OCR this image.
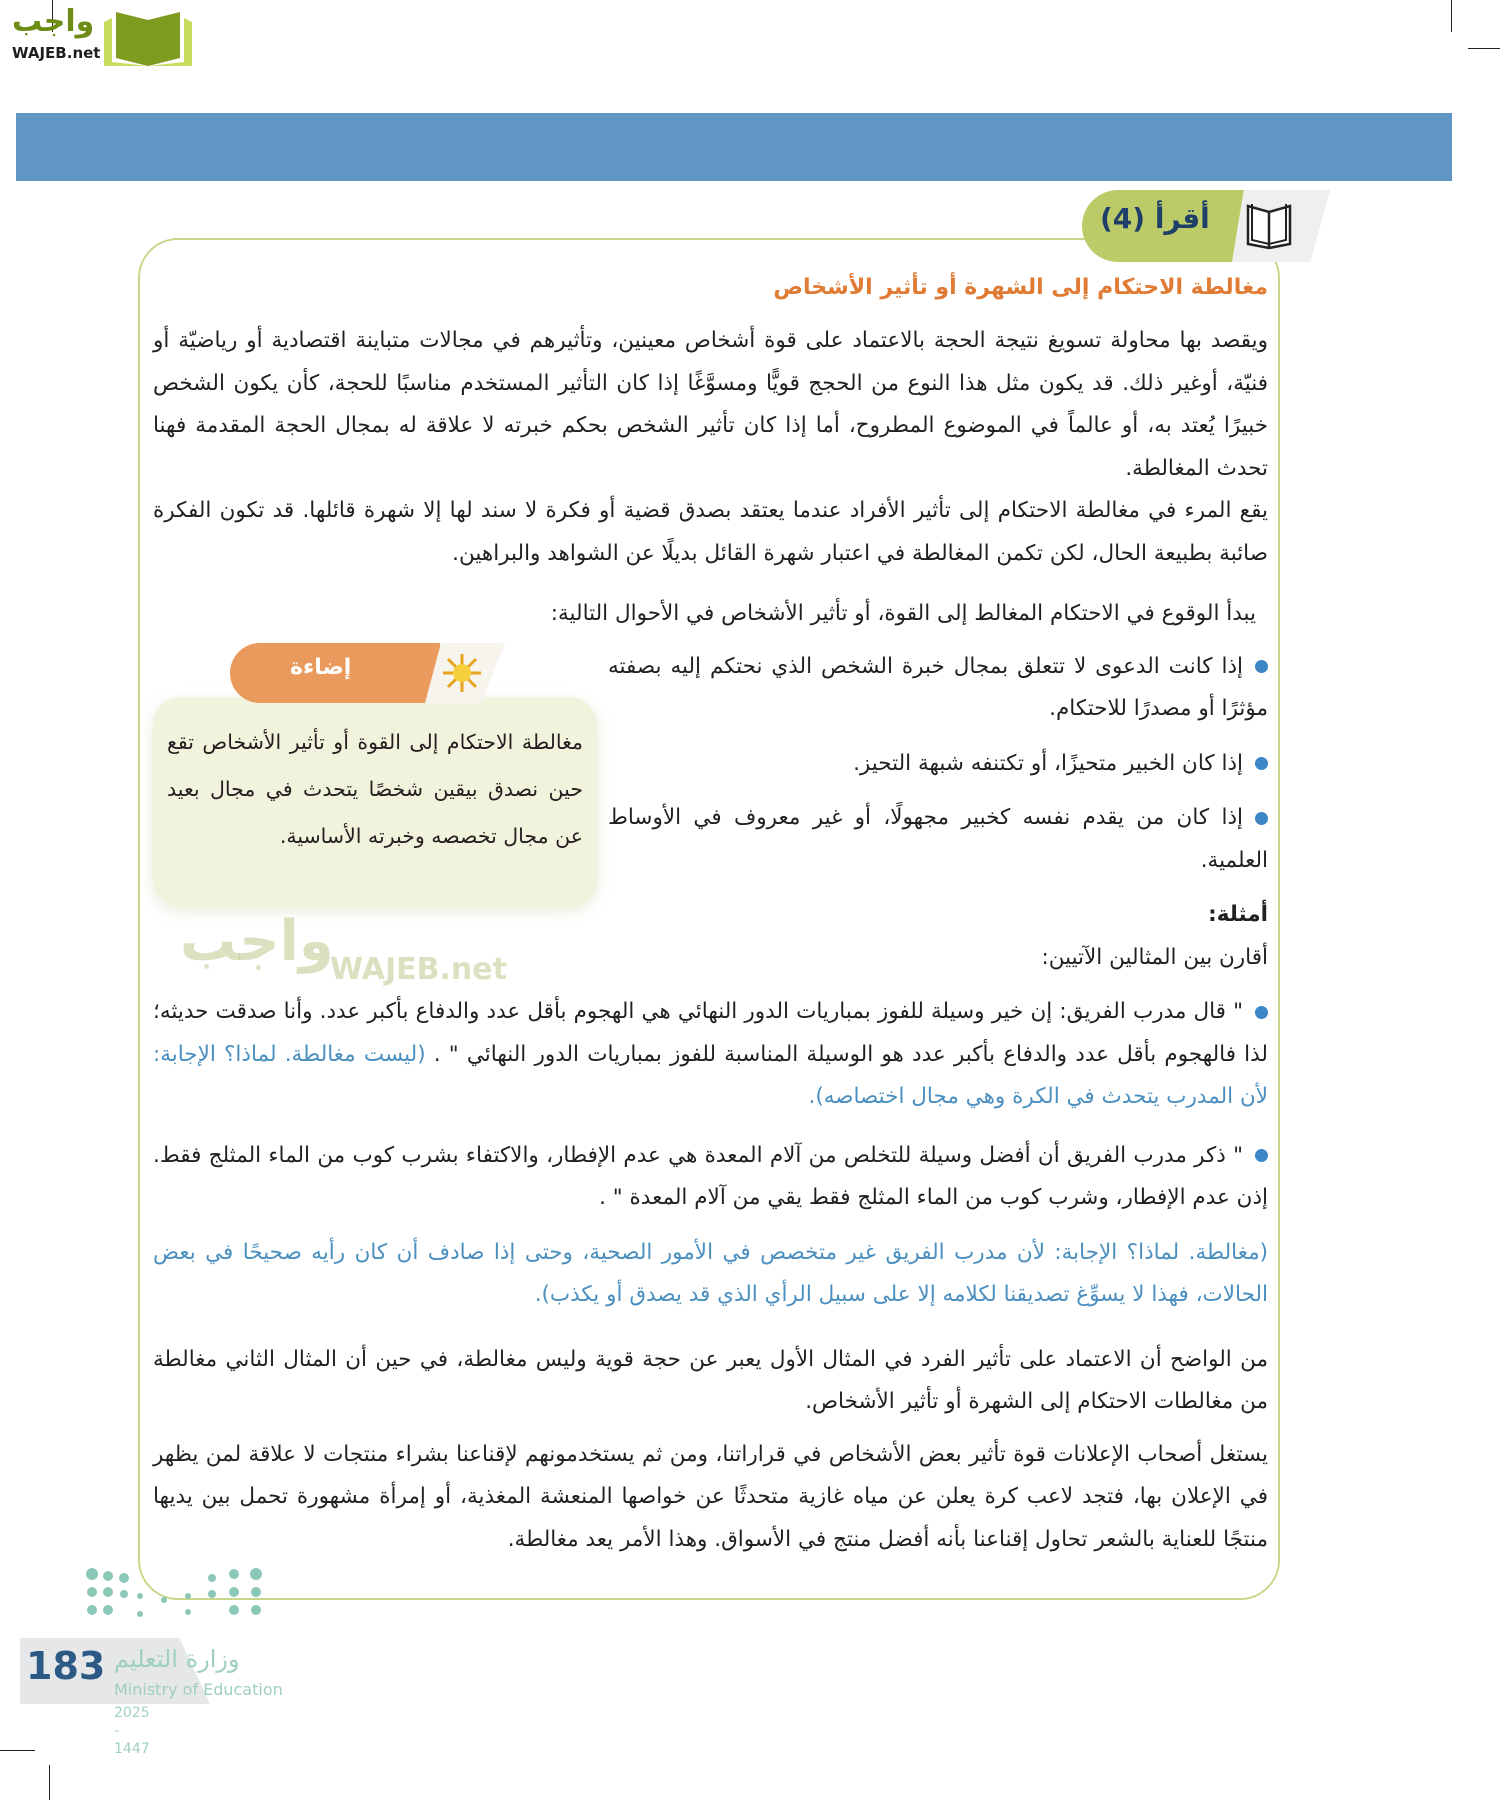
واجب
WAJEB.net
أقرأ (4)
مغالطة الاحتكام إلى القوة أو تأثير الأشخاص تقع حين نصدق بيقين شخصًا يتحدث في مجال بعيد عن مجال تخصصه وخبرته الأساسية.
إضاءة
واجب
WAJEB.net
مغالطة الاحتكام إلى الشهرة أو تأثير الأشخاص
ويقصد بها محاولة تسويغ نتيجة الحجة بالاعتماد على قوة أشخاص معينين، وتأثيرهم في مجالات متباينة اقتصادية أو رياضيّة أو فنيّة، أوغير ذلك. قد يكون مثل هذا النوع من الحجج قويًّا ومسوَّغًا إذا كان التأثير المستخدم مناسبًا للحجة، كأن يكون الشخص خبيرًا يُعتد به، أو عالماً في الموضوع المطروح، أما إذا كان تأثير الشخص بحكم خبرته لا علاقة له بمجال الحجة المقدمة فهنا تحدث المغالطة.
يقع المرء في مغالطة الاحتكام إلى تأثير الأفراد عندما يعتقد بصدق قضية أو فكرة لا سند لها إلا شهرة قائلها. قد تكون الفكرة صائبة بطبيعة الحال، لكن تكمن المغالطة في اعتبار شهرة القائل بديلًا عن الشواهد والبراهين.
يبدأ الوقوع في الاحتكام المغالط إلى القوة، أو تأثير الأشخاص في الأحوال التالية:
إذا كانت الدعوى لا تتعلق بمجال خبرة الشخص الذي نحتكم إليه بصفته مؤثرًا أو مصدرًا للاحتكام.
إذا كان الخبير متحيزًا، أو تكتنفه شبهة التحيز.
إذا كان من يقدم نفسه كخبير مجهولًا، أو غير معروف في الأوساط العلمية.
أمثلة:
أقارن بين المثالين الآتيين:
" قال مدرب الفريق: إن خير وسيلة للفوز بمباريات الدور النهائي هي الهجوم بأقل عدد والدفاع بأكبر عدد. وأنا صدقت حديثه؛ لذا فالهجوم بأقل عدد والدفاع بأكبر عدد هو الوسيلة المناسبة للفوز بمباريات الدور النهائي " . (ليست مغالطة. لماذا؟ الإجابة: لأن المدرب يتحدث في الكرة وهي مجال اختصاصه).
" ذكر مدرب الفريق أن أفضل وسيلة للتخلص من آلام المعدة هي عدم الإفطار، والاكتفاء بشرب كوب من الماء المثلج فقط. إذن عدم الإفطار، وشرب كوب من الماء المثلج فقط يقي من آلام المعدة " .
(مغالطة. لماذا؟ الإجابة: لأن مدرب الفريق غير متخصص في الأمور الصحية، وحتى إذا صادف أن كان رأيه صحيحًا في بعض الحالات، فهذا لا يسوِّغ تصديقنا لكلامه إلا على سبيل الرأي الذي قد يصدق أو يكذب).
من الواضح أن الاعتماد على تأثير الفرد في المثال الأول يعبر عن حجة قوية وليس مغالطة، في حين أن المثال الثاني مغالطة من مغالطات الاحتكام إلى الشهرة أو تأثير الأشخاص.
يستغل أصحاب الإعلانات قوة تأثير بعض الأشخاص في قراراتنا، ومن ثم يستخدمونهم لإقناعنا بشراء منتجات لا علاقة لمن يظهر في الإعلان بها، فتجد لاعب كرة يعلن عن مياه غازية متحدثًا عن خواصها المنعشة المغذية، أو إمرأة مشهورة تحمل بين يديها منتجًا للعناية بالشعر تحاول إقناعنا بأنه أفضل منتج في الأسواق. وهذا الأمر يعد مغالطة.
183 وزارة التعليم
Ministry of Education
2025 - 1447
